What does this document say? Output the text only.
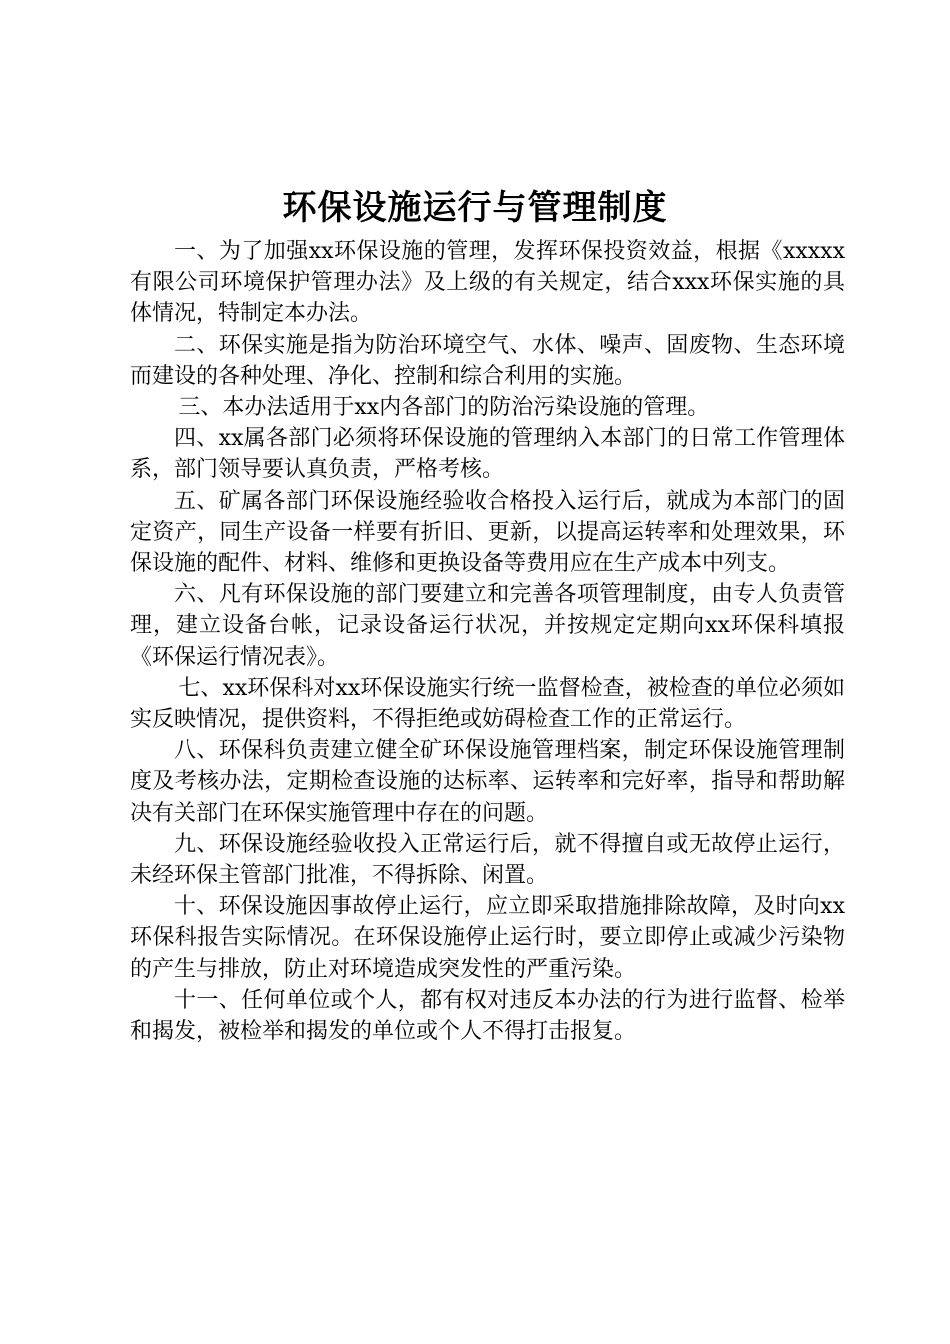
环保设施运行与管理制度

一、为了加强xx环保设施的管理，发挥环保投资效益，根据《xxxxx有限公司环境保护管理办法》及上级的有关规定，结合xxx环保实施的具体情况，特制定本办法。

二、环保实施是指为防治环境空气、水体、噪声、固废物、生态环境而建设的各种处理、净化、控制和综合利用的实施。

三、本办法适用于xx内各部门的防治污染设施的管理。

四、xx属各部门必须将环保设施的管理纳入本部门的日常工作管理体系，部门领导要认真负责，严格考核。

五、矿属各部门环保设施经验收合格投入运行后，就成为本部门的固定资产，同生产设备一样要有折旧、更新，以提高运转率和处理效果，环保设施的配件、材料、维修和更换设备等费用应在生产成本中列支。

六、凡有环保设施的部门要建立和完善各项管理制度，由专人负责管理，建立设备台帐，记录设备运行状况，并按规定定期向xx环保科填报《环保运行情况表》。

七、xx环保科对xx环保设施实行统一监督检查，被检查的单位必须如实反映情况，提供资料，不得拒绝或妨碍检查工作的正常运行。

八、环保科负责建立健全矿环保设施管理档案，制定环保设施管理制度及考核办法，定期检查设施的达标率、运转率和完好率，指导和帮助解决有关部门在环保实施管理中存在的问题。

九、环保设施经验收投入正常运行后，就不得擅自或无故停止运行，未经环保主管部门批准，不得拆除、闲置。

十、环保设施因事故停止运行，应立即采取措施排除故障，及时向xx环保科报告实际情况。在环保设施停止运行时，要立即停止或减少污染物的产生与排放，防止对环境造成突发性的严重污染。

十一、任何单位或个人，都有权对违反本办法的行为进行监督、检举和揭发，被检举和揭发的单位或个人不得打击报复。
